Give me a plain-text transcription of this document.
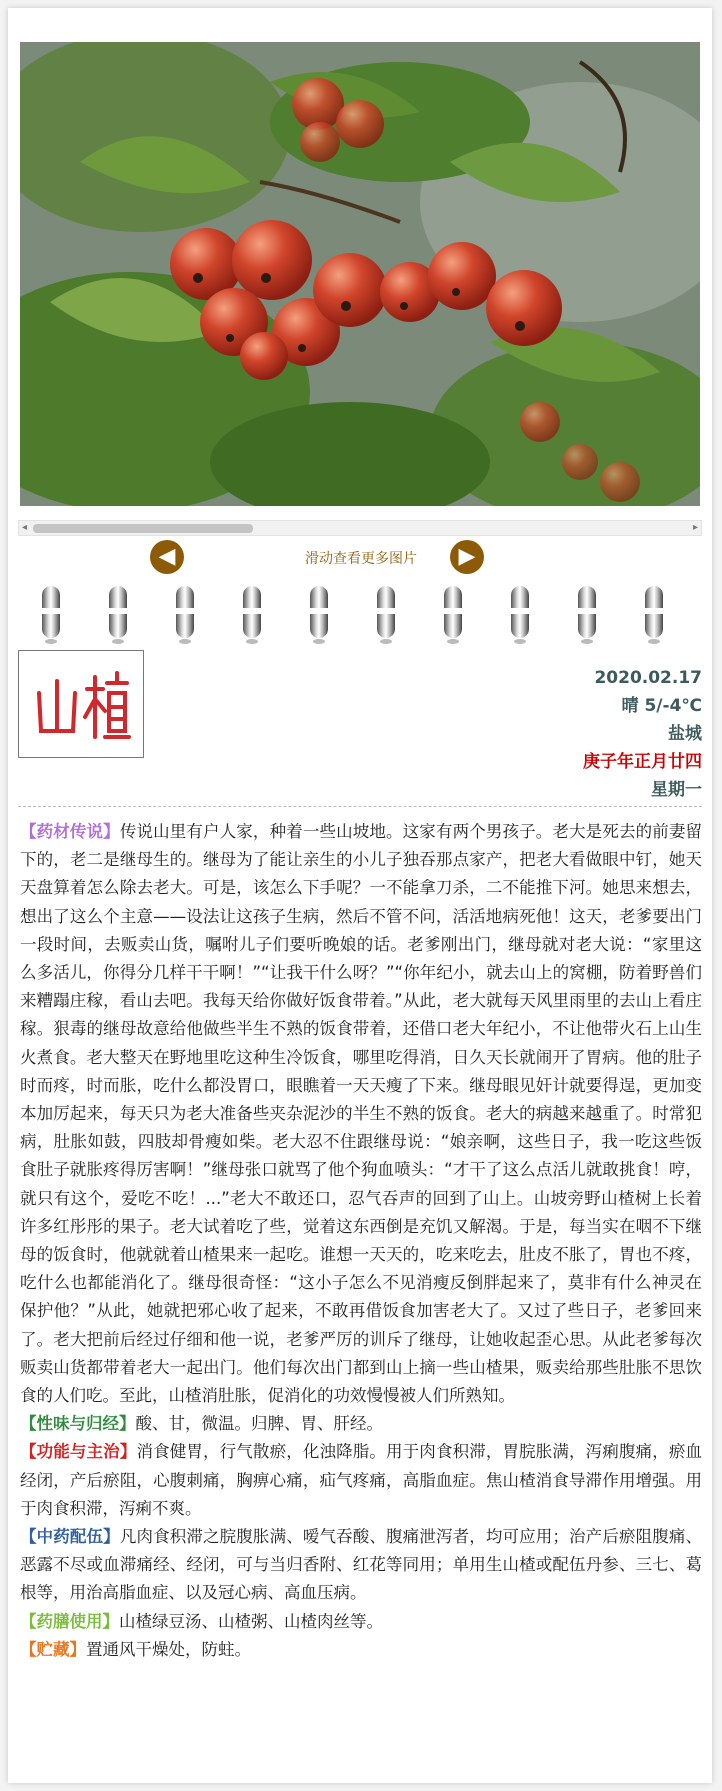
◂	▸
◀	滑动查看更多图片	▶
2020.02.17
晴 5/-4℃
盐城
庚子年正月廿四
星期一

【药材传说】传说山里有户人家，种着一些山坡地。这家有两个男孩子。老大是死去的前妻留下的，老二是继母生的。继母为了能让亲生的小儿子独吞那点家产，把老大看做眼中钉，她天天盘算着怎么除去老大。可是，该怎么下手呢？一不能拿刀杀，二不能推下河。她思来想去，想出了这么个主意——设法让这孩子生病，然后不管不问，活活地病死他！这天，老爹要出门一段时间，去贩卖山货，嘱咐儿子们要听晚娘的话。老爹刚出门，继母就对老大说：“家里这么多活儿，你得分几样干干啊！”“让我干什么呀？”“你年纪小，就去山上的窝棚，防着野兽们来糟蹋庄稼，看山去吧。我每天给你做好饭食带着。”从此，老大就每天风里雨里的去山上看庄稼。狠毒的继母故意给他做些半生不熟的饭食带着，还借口老大年纪小，不让他带火石上山生火煮食。老大整天在野地里吃这种生冷饭食，哪里吃得消，日久天长就闹开了胃病。他的肚子时而疼，时而胀，吃什么都没胃口，眼瞧着一天天瘦了下来。继母眼见奸计就要得逞，更加变本加厉起来，每天只为老大准备些夹杂泥沙的半生不熟的饭食。老大的病越来越重了。时常犯病，肚胀如鼓，四肢却骨瘦如柴。老大忍不住跟继母说：“娘亲啊，这些日子，我一吃这些饭食肚子就胀疼得厉害啊！”继母张口就骂了他个狗血喷头：“才干了这么点活儿就敢挑食！哼，就只有这个，爱吃不吃！...”老大不敢还口，忍气吞声的回到了山上。山坡旁野山楂树上长着许多红彤彤的果子。老大试着吃了些，觉着这东西倒是充饥又解渴。于是，每当实在咽不下继母的饭食时，他就就着山楂果来一起吃。谁想一天天的，吃来吃去，肚皮不胀了，胃也不疼，吃什么也都能消化了。继母很奇怪：“这小子怎么不见消瘦反倒胖起来了，莫非有什么神灵在保护他？”从此，她就把邪心收了起来，不敢再借饭食加害老大了。又过了些日子，老爹回来了。老大把前后经过仔细和他一说，老爹严厉的训斥了继母，让她收起歪心思。从此老爹每次贩卖山货都带着老大一起出门。他们每次出门都到山上摘一些山楂果，贩卖给那些肚胀不思饮食的人们吃。至此，山楂消肚胀，促消化的功效慢慢被人们所熟知。

【性味与归经】酸、甘，微温。归脾、胃、肝经。

【功能与主治】消食健胃，行气散瘀，化浊降脂。用于肉食积滞，胃脘胀满，泻痢腹痛，瘀血经闭，产后瘀阻，心腹刺痛，胸痹心痛，疝气疼痛，高脂血症。焦山楂消食导滞作用增强。用于肉食积滞，泻痢不爽。

【中药配伍】凡肉食积滞之脘腹胀满、嗳气吞酸、腹痛泄泻者，均可应用；治产后瘀阻腹痛、恶露不尽或血滞痛经、经闭，可与当归香附、红花等同用；单用生山楂或配伍丹参、三七、葛根等，用治高脂血症、以及冠心病、高血压病。

【药膳使用】山楂绿豆汤、山楂粥、山楂肉丝等。

【贮藏】置通风干燥处，防蛀。
